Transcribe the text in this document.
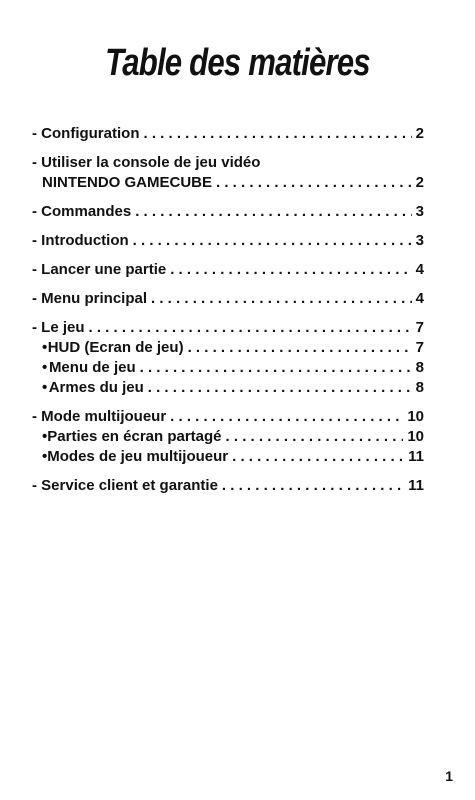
Table des matières
- Configuration . . .	2
- Utiliser la console de jeu vidéo
NINTENDO GAMECUBE . . .	2
- Commandes . . .	3
- Introduction . . .	3
- Lancer une partie . . .	4
- Menu principal . . .	4
- Le jeu . . .	7
• HUD (Ecran de jeu) . . .	7
• Menu de jeu . . .	8
• Armes du jeu . . .	8
- Mode multijoueur . . .	10
• Parties en écran partagé . . .	10
• Modes de jeu multijoueur . . .	11
- Service client et garantie . . .	11
1
